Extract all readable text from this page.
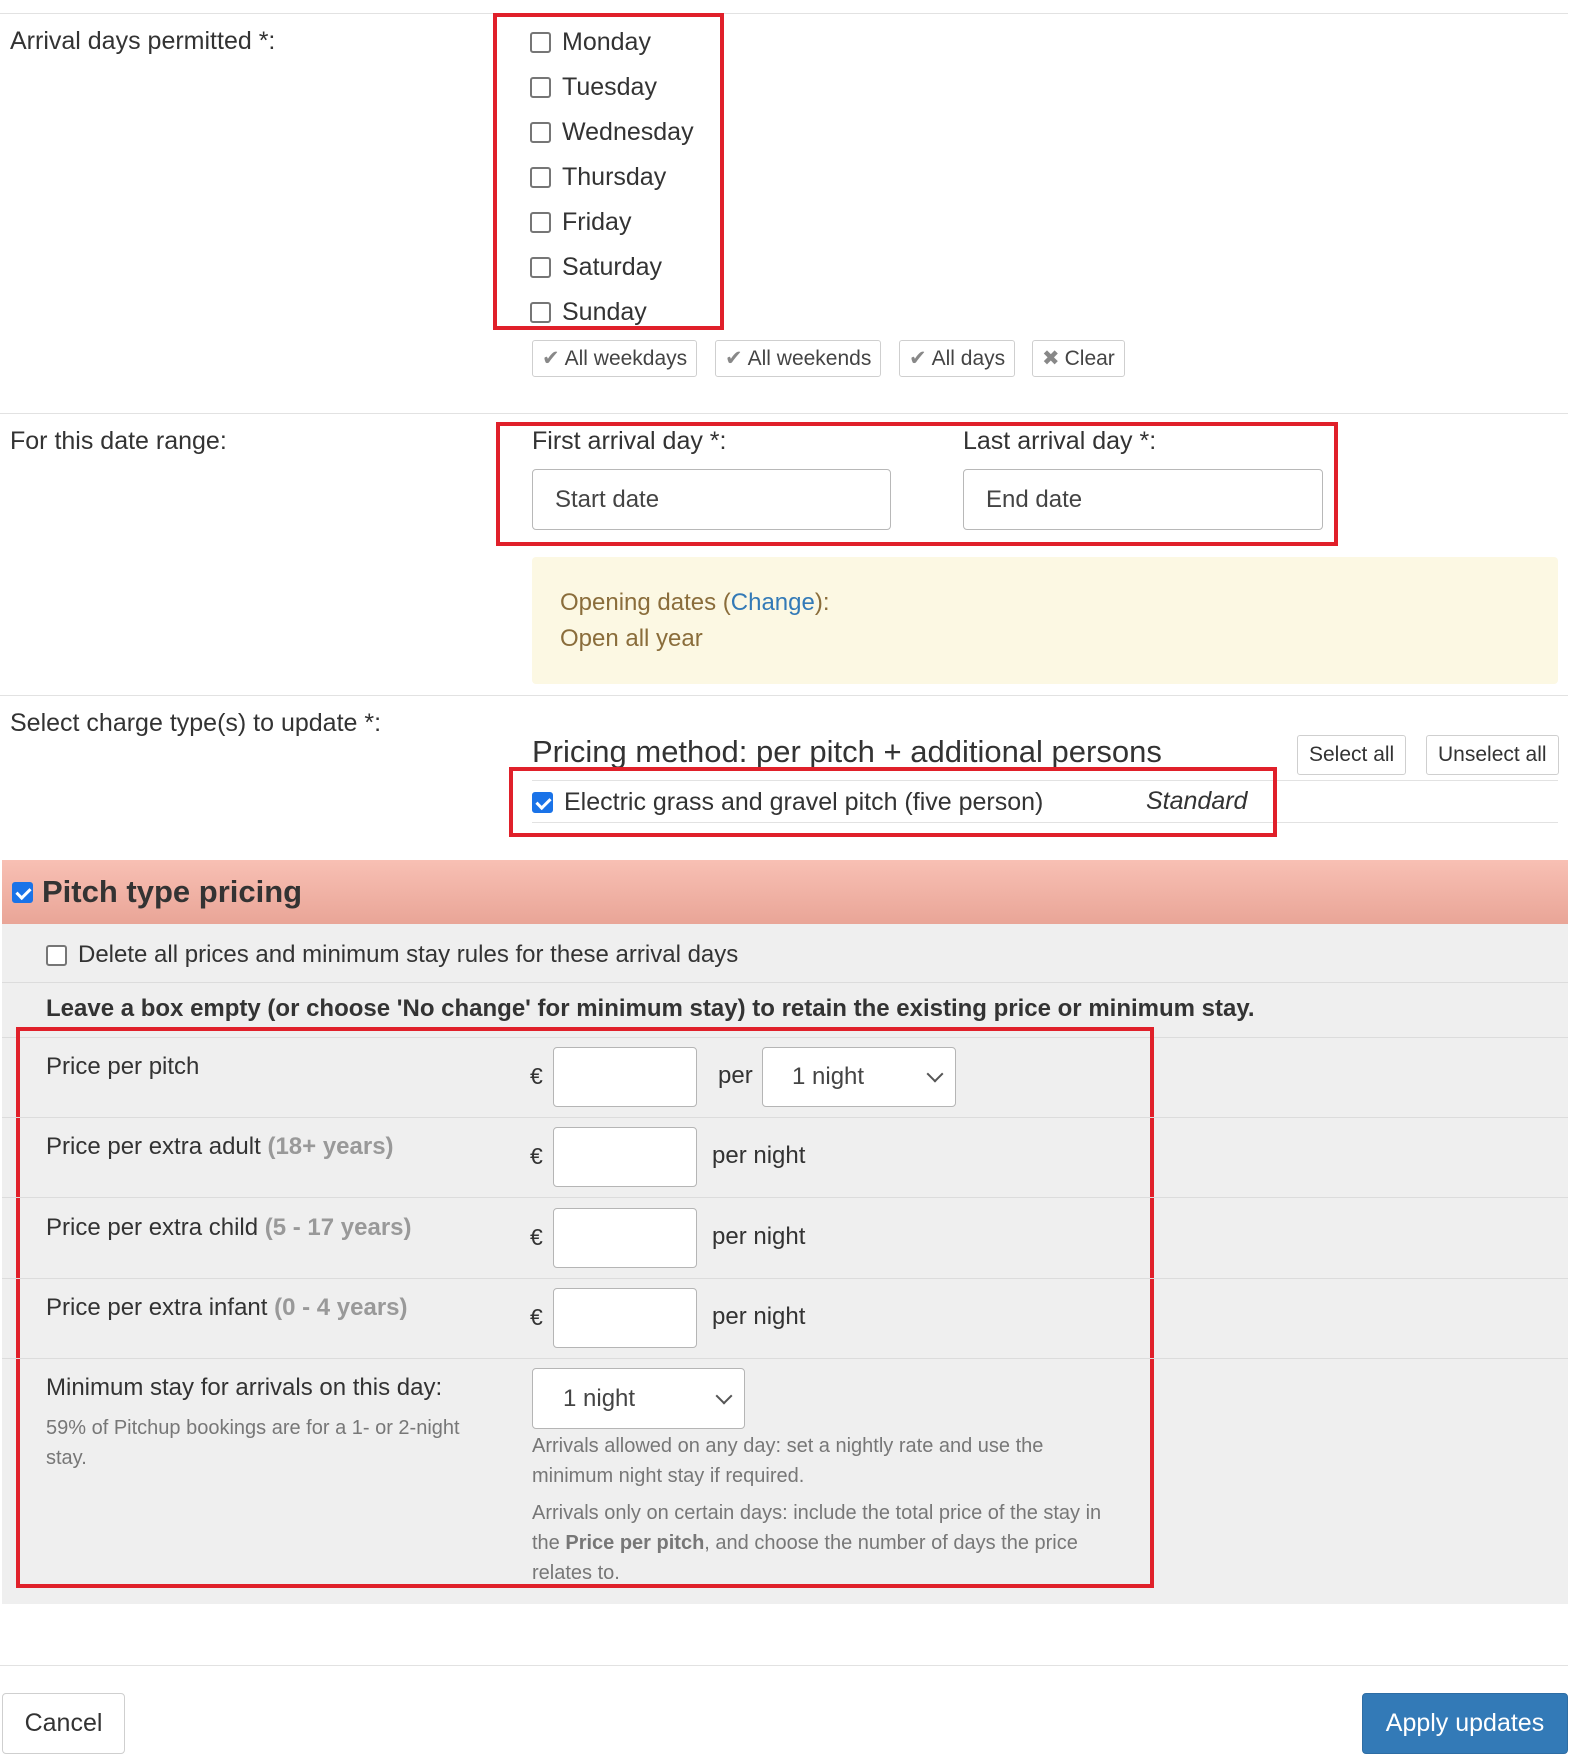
Arrival days permitted *:	Monday
Tuesday
Wednesday
Thursday
Friday
Saturday
Sunday
✔ All weekdays ✔ All weekends ✔ All days ✖ Clear
For this date range:	First arrival day *:	Last arrival day *:
Start date	End date
Opening dates (Change):
Open all year
Select charge type(s) to update *:
Pricing method: per pitch + additional persons	Select all	Unselect all
Electric grass and gravel pitch (five person)	Standard
Pitch type pricing
Delete all prices and minimum stay rules for these arrival days
Leave a box empty (or choose 'No change' for minimum stay) to retain the existing price or minimum stay.
Price per pitch	€	per 1 night
Price per extra adult (18+ years)	€	per night
Price per extra child (5 - 17 years)	€	per night
Price per extra infant (0 - 4 years)	€	per night
Minimum stay for arrivals on this day:
59% of Pitchup bookings are for a 1- or 2-night
stay.
1 night
Arrivals allowed on any day: set a nightly rate and use the
minimum night stay if required.
Arrivals only on certain days: include the total price of the stay in
the Price per pitch, and choose the number of days the price
relates to.
Cancel	Apply updates
